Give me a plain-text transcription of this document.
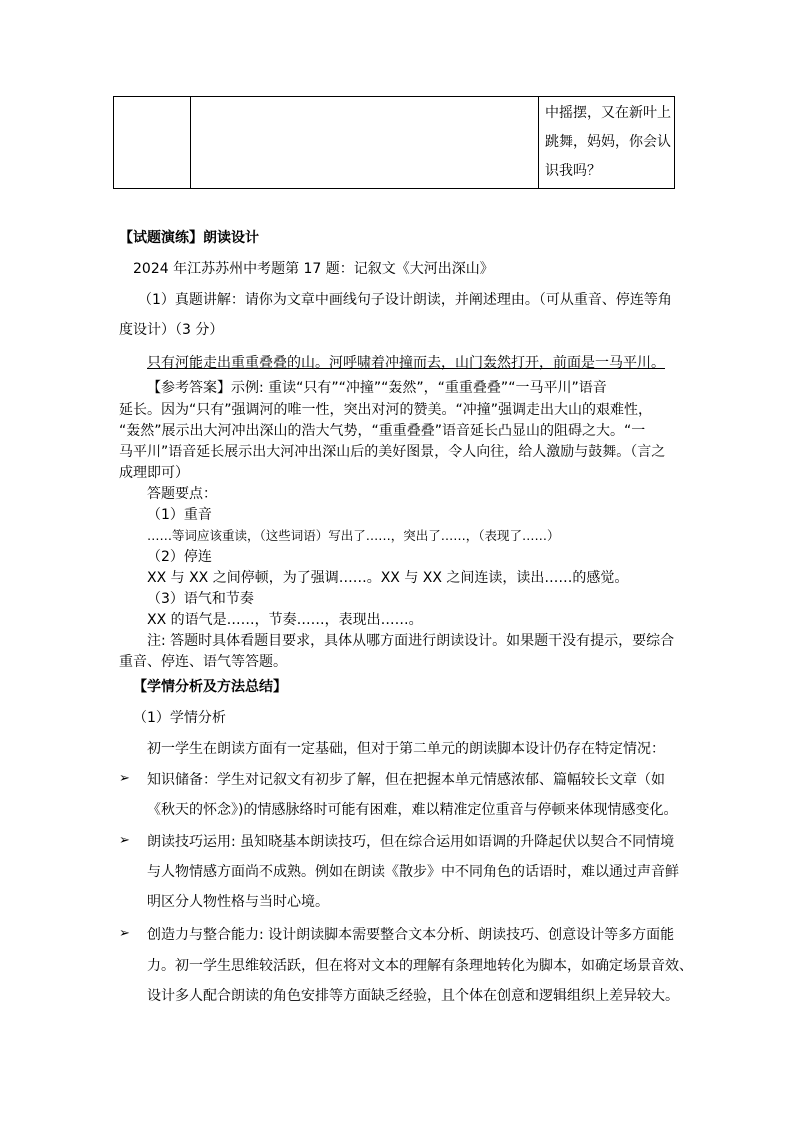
中摇摆，又在新叶上
跳舞，妈妈，你会认
识我吗？
【试题演练】朗读设计
2024 年江苏苏州中考题第 17 题：记叙文《大河出深山》
（1）真题讲解：请你为文章中画线句子设计朗读，并阐述理由。（可从重音、停连等角
度设计）（3 分）
只有河能走出重重叠叠的山。河呼啸着冲撞而去，山门轰然打开，前面是一马平川。
【参考答案】示例: 重读“只有”“冲撞”“轰然”，“重重叠叠”“一马平川”语音
延长。因为“只有”强调河的唯一性，突出对河的赞美。“冲撞”强调走出大山的艰难性，
“轰然”展示出大河冲出深山的浩大气势，“重重叠叠”语音延长凸显山的阻碍之大。“一
马平川”语音延长展示出大河冲出深山后的美好图景，令人向往，给人激励与鼓舞。（言之
成理即可）
答题要点：
（1）重音
……等词应该重读，（这些词语）写出了……，突出了……，（表现了……）
（2）停连
XX 与 XX 之间停顿，为了强调……。XX 与 XX 之间连读，读出……的感觉。
（3）语气和节奏
XX 的语气是……，节奏……，表现出……。
注: 答题时具体看题目要求，具体从哪方面进行朗读设计。如果题干没有提示，要综合
重音、停连、语气等答题。
【学情分析及方法总结】
（1）学情分析
初一学生在朗读方面有一定基础，但对于第二单元的朗读脚本设计仍存在特定情况：
➢ 知识储备：学生对记叙文有初步了解，但在把握本单元情感浓郁、篇幅较长文章（如
《秋天的怀念》)的情感脉络时可能有困难，难以精准定位重音与停顿来体现情感变化。
➢ 朗读技巧运用: 虽知晓基本朗读技巧，但在综合运用如语调的升降起伏以契合不同情境
与人物情感方面尚不成熟。例如在朗读《散步》中不同角色的话语时，难以通过声音鲜
明区分人物性格与当时心境。
➢ 创造力与整合能力: 设计朗读脚本需要整合文本分析、朗读技巧、创意设计等多方面能
力。初一学生思维较活跃，但在将对文本的理解有条理地转化为脚本，如确定场景音效、
设计多人配合朗读的角色安排等方面缺乏经验，且个体在创意和逻辑组织上差异较大。
